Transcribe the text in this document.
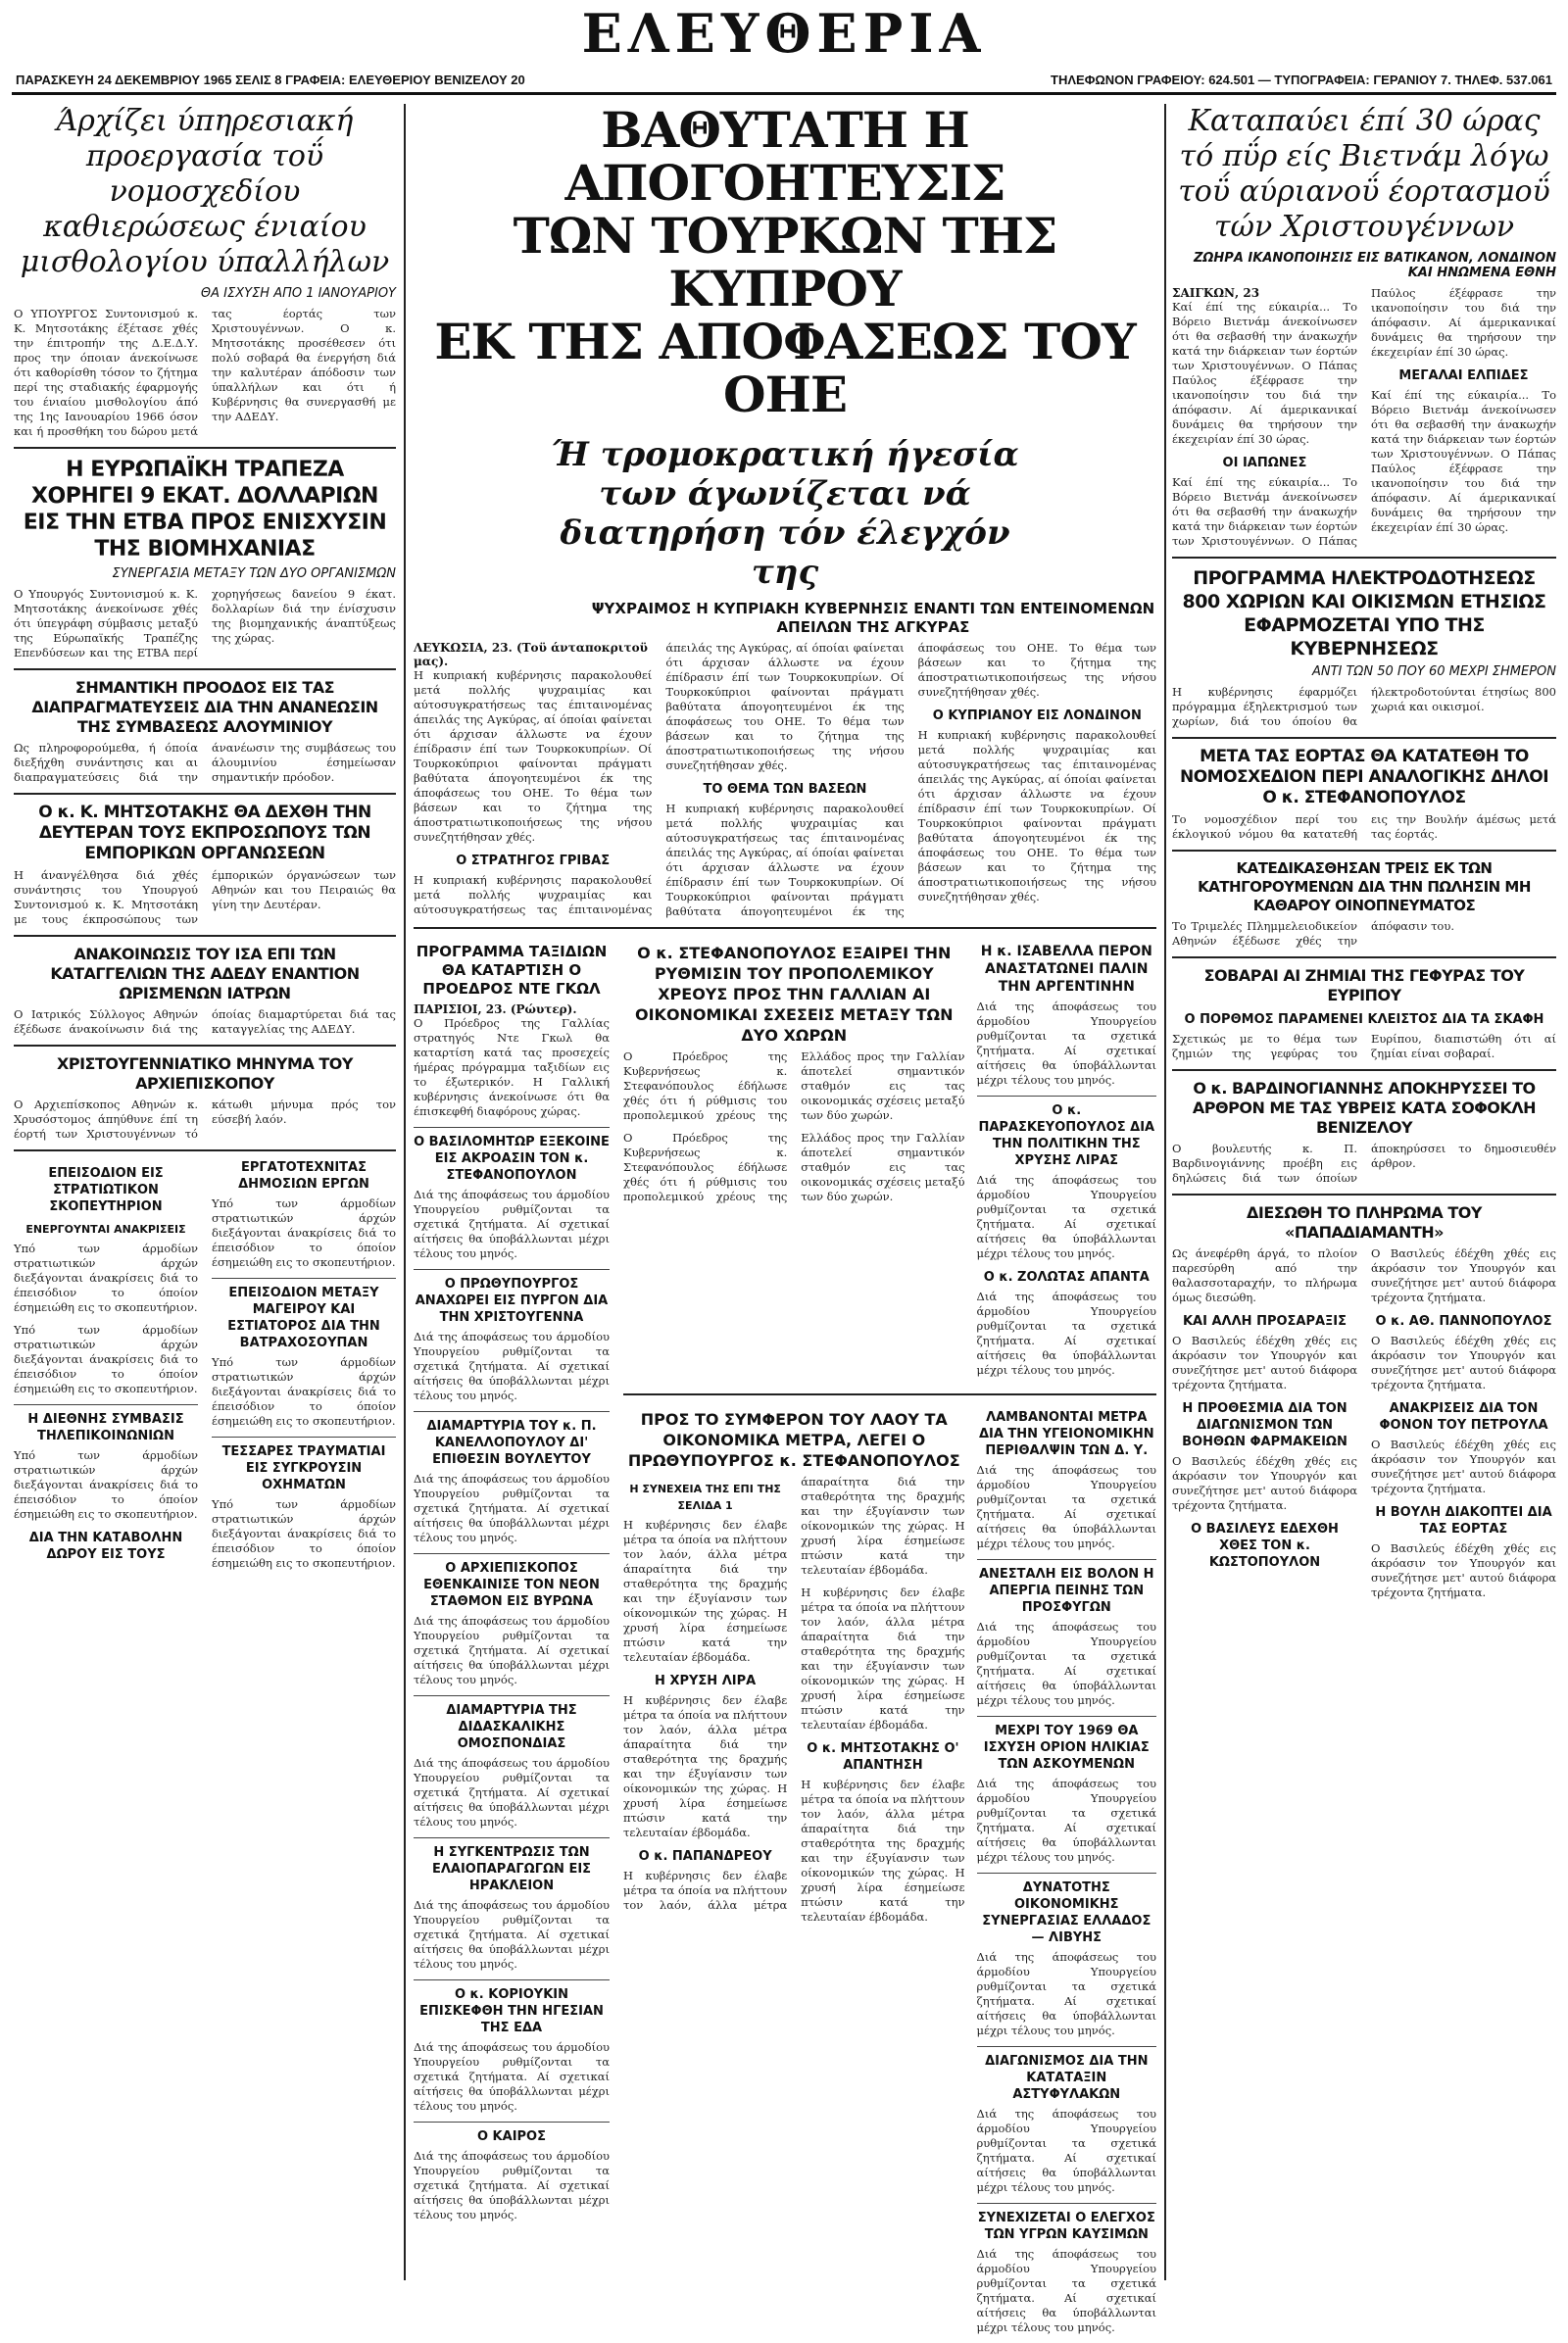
ΕΛΕΥΘΕΡΙΑ
ΠΑΡΑΣΚΕΥΗ 24 ΔΕΚΕΜΒΡΙΟΥ 1965 ΣΕΛΙΣ 8 ΓΡΑΦΕΙΑ: ΕΛΕΥΘΕΡΙΟΥ ΒΕΝΙΖΕΛΟΥ 20	ΤΗΛΕΦΩΝΟΝ ΓΡΑΦΕΙΟΥ: 624.501 — ΤΥΠΟΓΡΑΦΕΙΑ: ΓΕΡΑΝΙΟΥ 7. ΤΗΛΕΦ. 537.061
Άρχίζει ύπηρεσιακή προεργασία τοΰ νομοσχεδίου καθιερώσεως ένιαίου μισθολογίου ύπαλλήλων
ΘΑ ΙΣΧΥΣΗ ΑΠΟ 1 ΙΑΝΟΥΑΡΙΟΥ
Ο ΥΠΟΥΡΓΟΣ Συντονισμού κ. Κ. Μητσοτάκης έξέτασε χθές την έπιτροπήν της Δ.Ε.Δ.Υ. προς την όποιαν άνεκοίνωσε ότι καθορίσθη τόσον το ζήτημα περί της σταδιακής έφαρμογής του ένιαίου μισθολογίου άπό της 1ης Ιανουαρίου 1966 όσον και ή προσθήκη του δώρου μετά τας έορτάς των Χριστουγέννων. Ο κ. Μητσοτάκης προσέθεσεν ότι πολύ σοβαρά θα ένεργήση διά την καλυτέραν άπόδοσιν των ύπαλλήλων και ότι ή Κυβέρνησις θα συνεργασθή με την ΑΔΕΔΥ.
Η ΕΥΡΩΠΑΪΚΗ ΤΡΑΠΕΖΑ ΧΟΡΗΓΕΙ 9 ΕΚΑΤ. ΔΟΛΛΑΡΙΩΝ ΕΙΣ ΤΗΝ ΕΤΒΑ ΠΡΟΣ ΕΝΙΣΧΥΣΙΝ ΤΗΣ ΒΙΟΜΗΧΑΝΙΑΣ
ΣΥΝΕΡΓΑΣΙΑ ΜΕΤΑΞΥ ΤΩΝ ΔΥΟ ΟΡΓΑΝΙΣΜΩΝ
Ο Υπουργός Συντονισμού κ. Κ. Μητσοτάκης άνεκοίνωσε χθές ότι ύπεγράφη σύμβασις μεταξύ της Εύρωπαϊκής Τραπέζης Επενδύσεων και της ΕΤΒΑ περί χορηγήσεως δανείου 9 έκατ. δολλαρίων διά την ένίσχυσιν της βιομηχανικής άναπτύξεως της χώρας.
ΣΗΜΑΝΤΙΚΗ ΠΡΟΟΔΟΣ ΕΙΣ ΤΑΣ ΔΙΑΠΡΑΓΜΑΤΕΥΣΕΙΣ ΔΙΑ ΤΗΝ ΑΝΑΝΕΩΣΙΝ ΤΗΣ ΣΥΜΒΑΣΕΩΣ ΑΛΟΥΜΙΝΙΟΥ
Ως πληροφορούμεθα, ή όποία διεξήχθη συνάντησις και αι διαπραγματεύσεις διά την άνανέωσιν της συμβάσεως του άλουμινίου έσημείωσαν σημαντικήν πρόοδον.
Ο κ. Κ. ΜΗΤΣΟΤΑΚΗΣ ΘΑ ΔΕΧΘΗ ΤΗΝ ΔΕΥΤΕΡΑΝ ΤΟΥΣ ΕΚΠΡΟΣΩΠΟΥΣ ΤΩΝ ΕΜΠΟΡΙΚΩΝ ΟΡΓΑΝΩΣΕΩΝ
Η άνανγέλθησα διά χθές συνάντησις του Υπουργού Συντονισμού κ. Κ. Μητσοτάκη με τους έκπροσώπους των έμπορικών όργανώσεων των Αθηνών και του Πειραιώς θα γίνη την Δευτέραν.
ΑΝΑΚΟΙΝΩΣΙΣ ΤΟΥ ΙΣΑ ΕΠΙ ΤΩΝ ΚΑΤΑΓΓΕΛΙΩΝ ΤΗΣ ΑΔΕΔΥ ΕΝΑΝΤΙΟΝ ΩΡΙΣΜΕΝΩΝ ΙΑΤΡΩΝ
Ο Ιατρικός Σύλλογος Αθηνών έξέδωσε άνακοίνωσιν διά της όποίας διαμαρτύρεται διά τας καταγγελίας της ΑΔΕΔΥ.
ΧΡΙΣΤΟΥΓΕΝΝΙΑΤΙΚΟ ΜΗΝΥΜΑ ΤΟΥ ΑΡΧΙΕΠΙΣΚΟΠΟΥ
Ο Αρχιεπίσκοπος Αθηνών κ. Χρυσόστομος άπηύθυνε έπί τη έορτή των Χριστουγέννων τό κάτωθι μήνυμα πρός τον εύσεβή λαόν.
ΕΠΕΙΣΟΔΙΟΝ ΕΙΣ ΣΤΡΑΤΙΩΤΙΚΟΝ ΣΚΟΠΕΥΤΗΡΙΟΝ
ΕΝΕΡΓΟΥΝΤΑΙ ΑΝΑΚΡΙΣΕΙΣ
Υπό των άρμοδίων στρατιωτικών άρχών διεξάγονται άνακρίσεις διά το έπεισόδιον το όποίον έσημειώθη εις το σκοπευτήριον.
Υπό των άρμοδίων στρατιωτικών άρχών διεξάγονται άνακρίσεις διά το έπεισόδιον το όποίον έσημειώθη εις το σκοπευτήριον.
Η ΔΙΕΘΝΗΣ ΣΥΜΒΑΣΙΣ ΤΗΛΕΠΙΚΟΙΝΩΝΙΩΝ
Υπό των άρμοδίων στρατιωτικών άρχών διεξάγονται άνακρίσεις διά το έπεισόδιον το όποίον έσημειώθη εις το σκοπευτήριον.
ΔΙΑ ΤΗΝ ΚΑΤΑΒΟΛΗΝ ΔΩΡΟΥ ΕΙΣ ΤΟΥΣ ΕΡΓΑΤΟΤΕΧΝΙΤΑΣ ΔΗΜΟΣΙΩΝ ΕΡΓΩΝ
Υπό των άρμοδίων στρατιωτικών άρχών διεξάγονται άνακρίσεις διά το έπεισόδιον το όποίον έσημειώθη εις το σκοπευτήριον.
ΕΠΕΙΣΟΔΙΟΝ ΜΕΤΑΞΥ ΜΑΓΕΙΡΟΥ ΚΑΙ ΕΣΤΙΑΤΟΡΟΣ ΔΙΑ ΤΗΝ ΒΑΤΡΑΧΟΣΟΥΠΑΝ
Υπό των άρμοδίων στρατιωτικών άρχών διεξάγονται άνακρίσεις διά το έπεισόδιον το όποίον έσημειώθη εις το σκοπευτήριον.
ΤΕΣΣΑΡΕΣ ΤΡΑΥΜΑΤΙΑΙ ΕΙΣ ΣΥΓΚΡΟΥΣΙΝ ΟΧΗΜΑΤΩΝ
Υπό των άρμοδίων στρατιωτικών άρχών διεξάγονται άνακρίσεις διά το έπεισόδιον το όποίον έσημειώθη εις το σκοπευτήριον.
ΒΑΘΥΤΑΤΗ Η ΑΠΟΓΟΗΤΕΥΣΙΣ
ΤΩΝ ΤΟΥΡΚΩΝ ΤΗΣ ΚΥΠΡΟΥ
ΕΚ ΤΗΣ ΑΠΟΦΑΣΕΩΣ ΤΟΥ ΟΗΕ
Ή τρομοκρατική ήγεσία των άγωνίζεται νά διατηρήση τόν έλεγχόν της
ΨΥΧΡΑΙΜΟΣ Η ΚΥΠΡΙΑΚΗ ΚΥΒΕΡΝΗΣΙΣ ΕΝΑΝΤΙ ΤΩΝ ΕΝΤΕΙΝΟΜΕΝΩΝ ΑΠΕΙΛΩΝ ΤΗΣ ΑΓΚΥΡΑΣ
ΛΕΥΚΩΣΙΑ, 23. (Τοϋ άνταποκριτοϋ μας).
Η κυπριακή κυβέρνησις παρακολουθεί μετά πολλής ψυχραιμίας και αύτοσυγκρατήσεως τας έπιταινομένας άπειλάς της Αγκύρας, αί όποίαι φαίνεται ότι άρχισαν άλλωστε να έχουν έπίδρασιν έπί των Τουρκοκυπρίων. Οί Τουρκοκύπριοι φαίνονται πράγματι βαθύτατα άπογοητευμένοι έκ της άποφάσεως του ΟΗΕ. Το θέμα των βάσεων και το ζήτημα της άποστρατιωτικοποιήσεως της νήσου συνεζητήθησαν χθές.
Ο ΣΤΡΑΤΗΓΟΣ ΓΡΙΒΑΣ
Η κυπριακή κυβέρνησις παρακολουθεί μετά πολλής ψυχραιμίας και αύτοσυγκρατήσεως τας έπιταινομένας άπειλάς της Αγκύρας, αί όποίαι φαίνεται ότι άρχισαν άλλωστε να έχουν έπίδρασιν έπί των Τουρκοκυπρίων. Οί Τουρκοκύπριοι φαίνονται πράγματι βαθύτατα άπογοητευμένοι έκ της άποφάσεως του ΟΗΕ. Το θέμα των βάσεων και το ζήτημα της άποστρατιωτικοποιήσεως της νήσου συνεζητήθησαν χθές.
ΤΟ ΘΕΜΑ ΤΩΝ ΒΑΣΕΩΝ
Η κυπριακή κυβέρνησις παρακολουθεί μετά πολλής ψυχραιμίας και αύτοσυγκρατήσεως τας έπιταινομένας άπειλάς της Αγκύρας, αί όποίαι φαίνεται ότι άρχισαν άλλωστε να έχουν έπίδρασιν έπί των Τουρκοκυπρίων. Οί Τουρκοκύπριοι φαίνονται πράγματι βαθύτατα άπογοητευμένοι έκ της άποφάσεως του ΟΗΕ. Το θέμα των βάσεων και το ζήτημα της άποστρατιωτικοποιήσεως της νήσου συνεζητήθησαν χθές.
Ο ΚΥΠΡΙΑΝΟΥ ΕΙΣ ΛΟΝΔΙΝΟΝ
Η κυπριακή κυβέρνησις παρακολουθεί μετά πολλής ψυχραιμίας και αύτοσυγκρατήσεως τας έπιταινομένας άπειλάς της Αγκύρας, αί όποίαι φαίνεται ότι άρχισαν άλλωστε να έχουν έπίδρασιν έπί των Τουρκοκυπρίων. Οί Τουρκοκύπριοι φαίνονται πράγματι βαθύτατα άπογοητευμένοι έκ της άποφάσεως του ΟΗΕ. Το θέμα των βάσεων και το ζήτημα της άποστρατιωτικοποιήσεως της νήσου συνεζητήθησαν χθές.
ΠΡΟΓΡΑΜΜΑ ΤΑΞΙΔΙΩΝ ΘΑ ΚΑΤΑΡΤΙΣΗ Ο ΠΡΟΕΔΡΟΣ ΝΤΕ ΓΚΩΛ
ΠΑΡΙΣΙΟΙ, 23. (Ρώυτερ).
Ο Πρόεδρος της Γαλλίας στρατηγός Ντε Γκωλ θα καταρτίση κατά τας προσεχείς ήμέρας πρόγραμμα ταξιδίων εις το έξωτερικόν. Η Γαλλική κυβέρνησις άνεκοίνωσε ότι θα έπισκεφθή διαφόρους χώρας.
Ο ΒΑΣΙΛΟΜΗΤΩΡ ΕΞΕΚΟΙΝΕ ΕΙΣ ΑΚΡΟΑΣΙΝ ΤΟΝ κ. ΣΤΕΦΑΝΟΠΟΥΛΟΝ
Διά της άποφάσεως του άρμοδίου Υπουργείου ρυθμίζονται τα σχετικά ζητήματα. Αί σχετικαί αίτήσεις θα ύποβάλλωνται μέχρι τέλους του μηνός.
Ο ΠΡΩΘΥΠΟΥΡΓΟΣ ΑΝΑΧΩΡΕΙ ΕΙΣ ΠΥΡΓΟΝ ΔΙΑ ΤΗΝ ΧΡΙΣΤΟΥΓΕΝΝΑ
Διά της άποφάσεως του άρμοδίου Υπουργείου ρυθμίζονται τα σχετικά ζητήματα. Αί σχετικαί αίτήσεις θα ύποβάλλωνται μέχρι τέλους του μηνός.
ΔΙΑΜΑΡΤΥΡΙΑ ΤΟΥ κ. Π. ΚΑΝΕΛΛΟΠΟΥΛΟΥ ΔΙ' ΕΠΙΘΕΣΙΝ ΒΟΥΛΕΥΤΟΥ
Διά της άποφάσεως του άρμοδίου Υπουργείου ρυθμίζονται τα σχετικά ζητήματα. Αί σχετικαί αίτήσεις θα ύποβάλλωνται μέχρι τέλους του μηνός.
Ο ΑΡΧΙΕΠΙΣΚΟΠΟΣ ΕΘΕΝΚΑΙΝΙΣΕ ΤΟΝ ΝΕΟΝ ΣΤΑΘΜΟΝ ΕΙΣ ΒΥΡΩΝΑ
Διά της άποφάσεως του άρμοδίου Υπουργείου ρυθμίζονται τα σχετικά ζητήματα. Αί σχετικαί αίτήσεις θα ύποβάλλωνται μέχρι τέλους του μηνός.
ΔΙΑΜΑΡΤΥΡΙΑ ΤΗΣ ΔΙΔΑΣΚΑΛΙΚΗΣ ΟΜΟΣΠΟΝΔΙΑΣ
Διά της άποφάσεως του άρμοδίου Υπουργείου ρυθμίζονται τα σχετικά ζητήματα. Αί σχετικαί αίτήσεις θα ύποβάλλωνται μέχρι τέλους του μηνός.
Η ΣΥΓΚΕΝΤΡΩΣΙΣ ΤΩΝ ΕΛΑΙΟΠΑΡΑΓΩΓΩΝ ΕΙΣ ΗΡΑΚΛΕΙΟΝ
Διά της άποφάσεως του άρμοδίου Υπουργείου ρυθμίζονται τα σχετικά ζητήματα. Αί σχετικαί αίτήσεις θα ύποβάλλωνται μέχρι τέλους του μηνός.
Ο κ. ΚΟΡΙΟΥΚΙΝ ΕΠΙΣΚΕΦΘΗ ΤΗΝ ΗΓΕΣΙΑΝ ΤΗΣ ΕΔΑ
Διά της άποφάσεως του άρμοδίου Υπουργείου ρυθμίζονται τα σχετικά ζητήματα. Αί σχετικαί αίτήσεις θα ύποβάλλωνται μέχρι τέλους του μηνός.
Ο ΚΑΙΡΟΣ
Διά της άποφάσεως του άρμοδίου Υπουργείου ρυθμίζονται τα σχετικά ζητήματα. Αί σχετικαί αίτήσεις θα ύποβάλλωνται μέχρι τέλους του μηνός.
Ο κ. ΣΤΕΦΑΝΟΠΟΥΛΟΣ ΕΞΑΙΡΕΙ ΤΗΝ ΡΥΘΜΙΣΙΝ ΤΟΥ ΠΡΟΠΟΛΕΜΙΚΟΥ ΧΡΕΟΥΣ ΠΡΟΣ ΤΗΝ ΓΑΛΛΙΑΝ ΑΙ ΟΙΚΟΝΟΜΙΚΑΙ ΣΧΕΣΕΙΣ ΜΕΤΑΞΥ ΤΩΝ ΔΥΟ ΧΩΡΩΝ
Ο Πρόεδρος της Κυβερνήσεως κ. Στεφανόπουλος έδήλωσε χθές ότι ή ρύθμισις του προπολεμικού χρέους της Ελλάδος προς την Γαλλίαν άποτελεί σημαντικόν σταθμόν εις τας οικονομικάς σχέσεις μεταξύ των δύο χωρών.
Ο Πρόεδρος της Κυβερνήσεως κ. Στεφανόπουλος έδήλωσε χθές ότι ή ρύθμισις του προπολεμικού χρέους της Ελλάδος προς την Γαλλίαν άποτελεί σημαντικόν σταθμόν εις τας οικονομικάς σχέσεις μεταξύ των δύο χωρών.
Η κ. ΙΣΑΒΕΛΛΑ ΠΕΡΟΝ ΑΝΑΣΤΑΤΩΝΕΙ ΠΑΛΙΝ ΤΗΝ ΑΡΓΕΝΤΙΝΗΝ
Διά της άποφάσεως του άρμοδίου Υπουργείου ρυθμίζονται τα σχετικά ζητήματα. Αί σχετικαί αίτήσεις θα ύποβάλλωνται μέχρι τέλους του μηνός.
Ο κ. ΠΑΡΑΣΚΕΥΟΠΟΥΛΟΣ ΔΙΑ ΤΗΝ ΠΟΛΙΤΙΚΗΝ ΤΗΣ ΧΡΥΣΗΣ ΛΙΡΑΣ
Διά της άποφάσεως του άρμοδίου Υπουργείου ρυθμίζονται τα σχετικά ζητήματα. Αί σχετικαί αίτήσεις θα ύποβάλλωνται μέχρι τέλους του μηνός.
Ο κ. ΖΟΛΩΤΑΣ ΑΠΑΝΤΑ
Διά της άποφάσεως του άρμοδίου Υπουργείου ρυθμίζονται τα σχετικά ζητήματα. Αί σχετικαί αίτήσεις θα ύποβάλλωνται μέχρι τέλους του μηνός.
ΠΡΟΣ ΤΟ ΣΥΜΦΕΡΟΝ ΤΟΥ ΛΑΟΥ ΤΑ ΟΙΚΟΝΟΜΙΚΑ ΜΕΤΡΑ, ΛΕΓΕΙ Ο ΠΡΩΘΥΠΟΥΡΓΟΣ κ. ΣΤΕΦΑΝΟΠΟΥΛΟΣ
Η ΣΥΝΕΧΕΙΑ ΤΗΣ ΕΠΙ ΤΗΣ ΣΕΛΙΔΑ 1
Η κυβέρνησις δεν έλαβε μέτρα τα όποία να πλήττουν τον λαόν, άλλα μέτρα άπαραίτητα διά την σταθερότητα της δραχμής και την έξυγίανσιν των οίκονομικών της χώρας. Η χρυσή λίρα έσημείωσε πτώσιν κατά την τελευταίαν έβδομάδα.
Η ΧΡΥΣΗ ΛΙΡΑ
Η κυβέρνησις δεν έλαβε μέτρα τα όποία να πλήττουν τον λαόν, άλλα μέτρα άπαραίτητα διά την σταθερότητα της δραχμής και την έξυγίανσιν των οίκονομικών της χώρας. Η χρυσή λίρα έσημείωσε πτώσιν κατά την τελευταίαν έβδομάδα.
Ο κ. ΠΑΠΑΝΔΡΕΟΥ
Η κυβέρνησις δεν έλαβε μέτρα τα όποία να πλήττουν τον λαόν, άλλα μέτρα άπαραίτητα διά την σταθερότητα της δραχμής και την έξυγίανσιν των οίκονομικών της χώρας. Η χρυσή λίρα έσημείωσε πτώσιν κατά την τελευταίαν έβδομάδα.
Η κυβέρνησις δεν έλαβε μέτρα τα όποία να πλήττουν τον λαόν, άλλα μέτρα άπαραίτητα διά την σταθερότητα της δραχμής και την έξυγίανσιν των οίκονομικών της χώρας. Η χρυσή λίρα έσημείωσε πτώσιν κατά την τελευταίαν έβδομάδα.
Ο κ. ΜΗΤΣΟΤΑΚΗΣ Ο' ΑΠΑΝΤΗΣΗ
Η κυβέρνησις δεν έλαβε μέτρα τα όποία να πλήττουν τον λαόν, άλλα μέτρα άπαραίτητα διά την σταθερότητα της δραχμής και την έξυγίανσιν των οίκονομικών της χώρας. Η χρυσή λίρα έσημείωσε πτώσιν κατά την τελευταίαν έβδομάδα.
ΛΑΜΒΑΝΟΝΤΑΙ ΜΕΤΡΑ ΔΙΑ ΤΗΝ ΥΓΕΙΟΝΟΜΙΚΗΝ ΠΕΡΙΘΑΛΨΙΝ ΤΩΝ Δ. Υ.
Διά της άποφάσεως του άρμοδίου Υπουργείου ρυθμίζονται τα σχετικά ζητήματα. Αί σχετικαί αίτήσεις θα ύποβάλλωνται μέχρι τέλους του μηνός.
ΑΝΕΣΤΑΛΗ ΕΙΣ ΒΟΛΟΝ Η ΑΠΕΡΓΙΑ ΠΕΙΝΗΣ ΤΩΝ ΠΡΟΣΦΥΓΩΝ
Διά της άποφάσεως του άρμοδίου Υπουργείου ρυθμίζονται τα σχετικά ζητήματα. Αί σχετικαί αίτήσεις θα ύποβάλλωνται μέχρι τέλους του μηνός.
ΜΕΧΡΙ ΤΟΥ 1969 ΘΑ ΙΣΧΥΣΗ ΟΡΙΟΝ ΗΛΙΚΙΑΣ ΤΩΝ ΑΣΚΟΥΜΕΝΩΝ
Διά της άποφάσεως του άρμοδίου Υπουργείου ρυθμίζονται τα σχετικά ζητήματα. Αί σχετικαί αίτήσεις θα ύποβάλλωνται μέχρι τέλους του μηνός.
ΔΥΝΑΤΟΤΗΣ ΟΙΚΟΝΟΜΙΚΗΣ ΣΥΝΕΡΓΑΣΙΑΣ ΕΛΛΑΔΟΣ — ΛΙΒΥΗΣ
Διά της άποφάσεως του άρμοδίου Υπουργείου ρυθμίζονται τα σχετικά ζητήματα. Αί σχετικαί αίτήσεις θα ύποβάλλωνται μέχρι τέλους του μηνός.
ΔΙΑΓΩΝΙΣΜΟΣ ΔΙΑ ΤΗΝ ΚΑΤΑΤΑΞΙΝ ΑΣΤΥΦΥΛΑΚΩΝ
Διά της άποφάσεως του άρμοδίου Υπουργείου ρυθμίζονται τα σχετικά ζητήματα. Αί σχετικαί αίτήσεις θα ύποβάλλωνται μέχρι τέλους του μηνός.
ΣΥΝΕΧΙΖΕΤΑΙ Ο ΕΛΕΓΧΟΣ ΤΩΝ ΥΓΡΩΝ ΚΑΥΣΙΜΩΝ
Διά της άποφάσεως του άρμοδίου Υπουργείου ρυθμίζονται τα σχετικά ζητήματα. Αί σχετικαί αίτήσεις θα ύποβάλλωνται μέχρι τέλους του μηνός.
Καταπαύει έπί 30 ώρας τό πΰρ είς Βιετνάμ λόγω τοΰ αύριανοΰ έορτασμοΰ τών Χριστουγέννων
ΖΩΗΡΑ ΙΚΑΝΟΠΟΙΗΣΙΣ ΕΙΣ ΒΑΤΙΚΑΝΟΝ, ΛΟΝΔΙΝΟΝ ΚΑΙ ΗΝΩΜΕΝΑ ΕΘΝΗ
ΣΑΙΓΚΩΝ, 23
Καί έπί της εύκαιρία... Το Βόρειο Βιετνάμ άνεκοίνωσεν ότι θα σεβασθή την άνακωχήν κατά την διάρκειαν των έορτών των Χριστουγέννων. Ο Πάπας Παύλος έξέφρασε την ικανοποίησιν του διά την άπόφασιν. Αί άμερικανικαί δυνάμεις θα τηρήσουν την έκεχειρίαν έπί 30 ώρας.
ΟΙ ΙΑΠΩΝΕΣ
Καί έπί της εύκαιρία... Το Βόρειο Βιετνάμ άνεκοίνωσεν ότι θα σεβασθή την άνακωχήν κατά την διάρκειαν των έορτών των Χριστουγέννων. Ο Πάπας Παύλος έξέφρασε την ικανοποίησιν του διά την άπόφασιν. Αί άμερικανικαί δυνάμεις θα τηρήσουν την έκεχειρίαν έπί 30 ώρας.
ΜΕΓΑΛΑΙ ΕΛΠΙΔΕΣ
Καί έπί της εύκαιρία... Το Βόρειο Βιετνάμ άνεκοίνωσεν ότι θα σεβασθή την άνακωχήν κατά την διάρκειαν των έορτών των Χριστουγέννων. Ο Πάπας Παύλος έξέφρασε την ικανοποίησιν του διά την άπόφασιν. Αί άμερικανικαί δυνάμεις θα τηρήσουν την έκεχειρίαν έπί 30 ώρας.
ΠΡΟΓΡΑΜΜΑ ΗΛΕΚΤΡΟΔΟΤΗΣΕΩΣ 800 ΧΩΡΙΩΝ ΚΑΙ ΟΙΚΙΣΜΩΝ ΕΤΗΣΙΩΣ ΕΦΑΡΜΟΖΕΤΑΙ ΥΠΟ ΤΗΣ ΚΥΒΕΡΝΗΣΕΩΣ
ΑΝΤΙ ΤΩΝ 50 ΠΟΥ 60 ΜΕΧΡΙ ΣΗΜΕΡΟΝ
Η κυβέρνησις έφαρμόζει πρόγραμμα έξηλεκτρισμού των χωρίων, διά του όποίου θα ήλεκτροδοτούνται έτησίως 800 χωριά και οικισμοί.
ΜΕΤΑ ΤΑΣ ΕΟΡΤΑΣ ΘΑ ΚΑΤΑΤΕΘΗ ΤΟ ΝΟΜΟΣΧΕΔΙΟΝ ΠΕΡΙ ΑΝΑΛΟΓΙΚΗΣ ΔΗΛΟΙ Ο κ. ΣΤΕΦΑΝΟΠΟΥΛΟΣ
Το νομοσχέδιον περί του έκλογικού νόμου θα κατατεθή εις την Βουλήν άμέσως μετά τας έορτάς.
ΚΑΤΕΔΙΚΑΣΘΗΣΑΝ ΤΡΕΙΣ ΕΚ ΤΩΝ ΚΑΤΗΓΟΡΟΥΜΕΝΩΝ ΔΙΑ ΤΗΝ ΠΩΛΗΣΙΝ ΜΗ ΚΑΘΑΡΟΥ ΟΙΝΟΠΝΕΥΜΑΤΟΣ
Το Τριμελές Πλημμελειοδικείον Αθηνών έξέδωσε χθές την άπόφασιν του.
ΣΟΒΑΡΑΙ ΑΙ ΖΗΜΙΑΙ ΤΗΣ ΓΕΦΥΡΑΣ ΤΟΥ ΕΥΡΙΠΟΥ
Ο ΠΟΡΘΜΟΣ ΠΑΡΑΜΕΝΕΙ ΚΛΕΙΣΤΟΣ ΔΙΑ ΤΑ ΣΚΑΦΗ
Σχετικώς με το θέμα των ζημιών της γεφύρας του Ευρίπου, διαπιστώθη ότι αί ζημίαι είναι σοβαραί.
Ο κ. ΒΑΡΔΙΝΟΓΙΑΝΝΗΣ ΑΠΟΚΗΡΥΣΣΕΙ ΤΟ ΑΡΘΡΟΝ ΜΕ ΤΑΣ ΥΒΡΕΙΣ ΚΑΤΑ ΣΟΦΟΚΛΗ ΒΕΝΙΖΕΛΟΥ
Ο βουλευτής κ. Π. Βαρδινογιάννης προέβη εις δηλώσεις διά των όποίων άποκηρύσσει το δημοσιευθέν άρθρον.
ΔΙΕΣΩΘΗ ΤΟ ΠΛΗΡΩΜΑ ΤΟΥ «ΠΑΠΑΔΙΑΜΑΝΤΗ»
Ως άνεφέρθη άργά, το πλοίον παρεσύρθη από την θαλασσοταραχήν, το πλήρωμα όμως διεσώθη.
ΚΑΙ ΑΛΛΗ ΠΡΟΣΑΡΑΞΙΣ
Ο Βασιλεύς έδέχθη χθές εις άκρόασιν τον Υπουργόν και συνεζήτησε μετ' αυτού διάφορα τρέχοντα ζητήματα.
Η ΠΡΟΘΕΣΜΙΑ ΔΙΑ ΤΟΝ ΔΙΑΓΩΝΙΣΜΟΝ ΤΩΝ ΒΟΗΘΩΝ ΦΑΡΜΑΚΕΙΩΝ
Ο Βασιλεύς έδέχθη χθές εις άκρόασιν τον Υπουργόν και συνεζήτησε μετ' αυτού διάφορα τρέχοντα ζητήματα.
Ο ΒΑΣΙΛΕΥΣ ΕΔΕΧΘΗ ΧΘΕΣ ΤΟΝ κ. ΚΩΣΤΟΠΟΥΛΟΝ
Ο Βασιλεύς έδέχθη χθές εις άκρόασιν τον Υπουργόν και συνεζήτησε μετ' αυτού διάφορα τρέχοντα ζητήματα.
Ο κ. ΑΘ. ΠΑΝΝΟΠΟΥΛΟΣ
Ο Βασιλεύς έδέχθη χθές εις άκρόασιν τον Υπουργόν και συνεζήτησε μετ' αυτού διάφορα τρέχοντα ζητήματα.
ΑΝΑΚΡΙΣΕΙΣ ΔΙΑ ΤΟΝ ΦΟΝΟΝ ΤΟΥ ΠΕΤΡΟΥΛΑ
Ο Βασιλεύς έδέχθη χθές εις άκρόασιν τον Υπουργόν και συνεζήτησε μετ' αυτού διάφορα τρέχοντα ζητήματα.
Η ΒΟΥΛΗ ΔΙΑΚΟΠΤΕΙ ΔΙΑ ΤΑΣ ΕΟΡΤΑΣ
Ο Βασιλεύς έδέχθη χθές εις άκρόασιν τον Υπουργόν και συνεζήτησε μετ' αυτού διάφορα τρέχοντα ζητήματα.
